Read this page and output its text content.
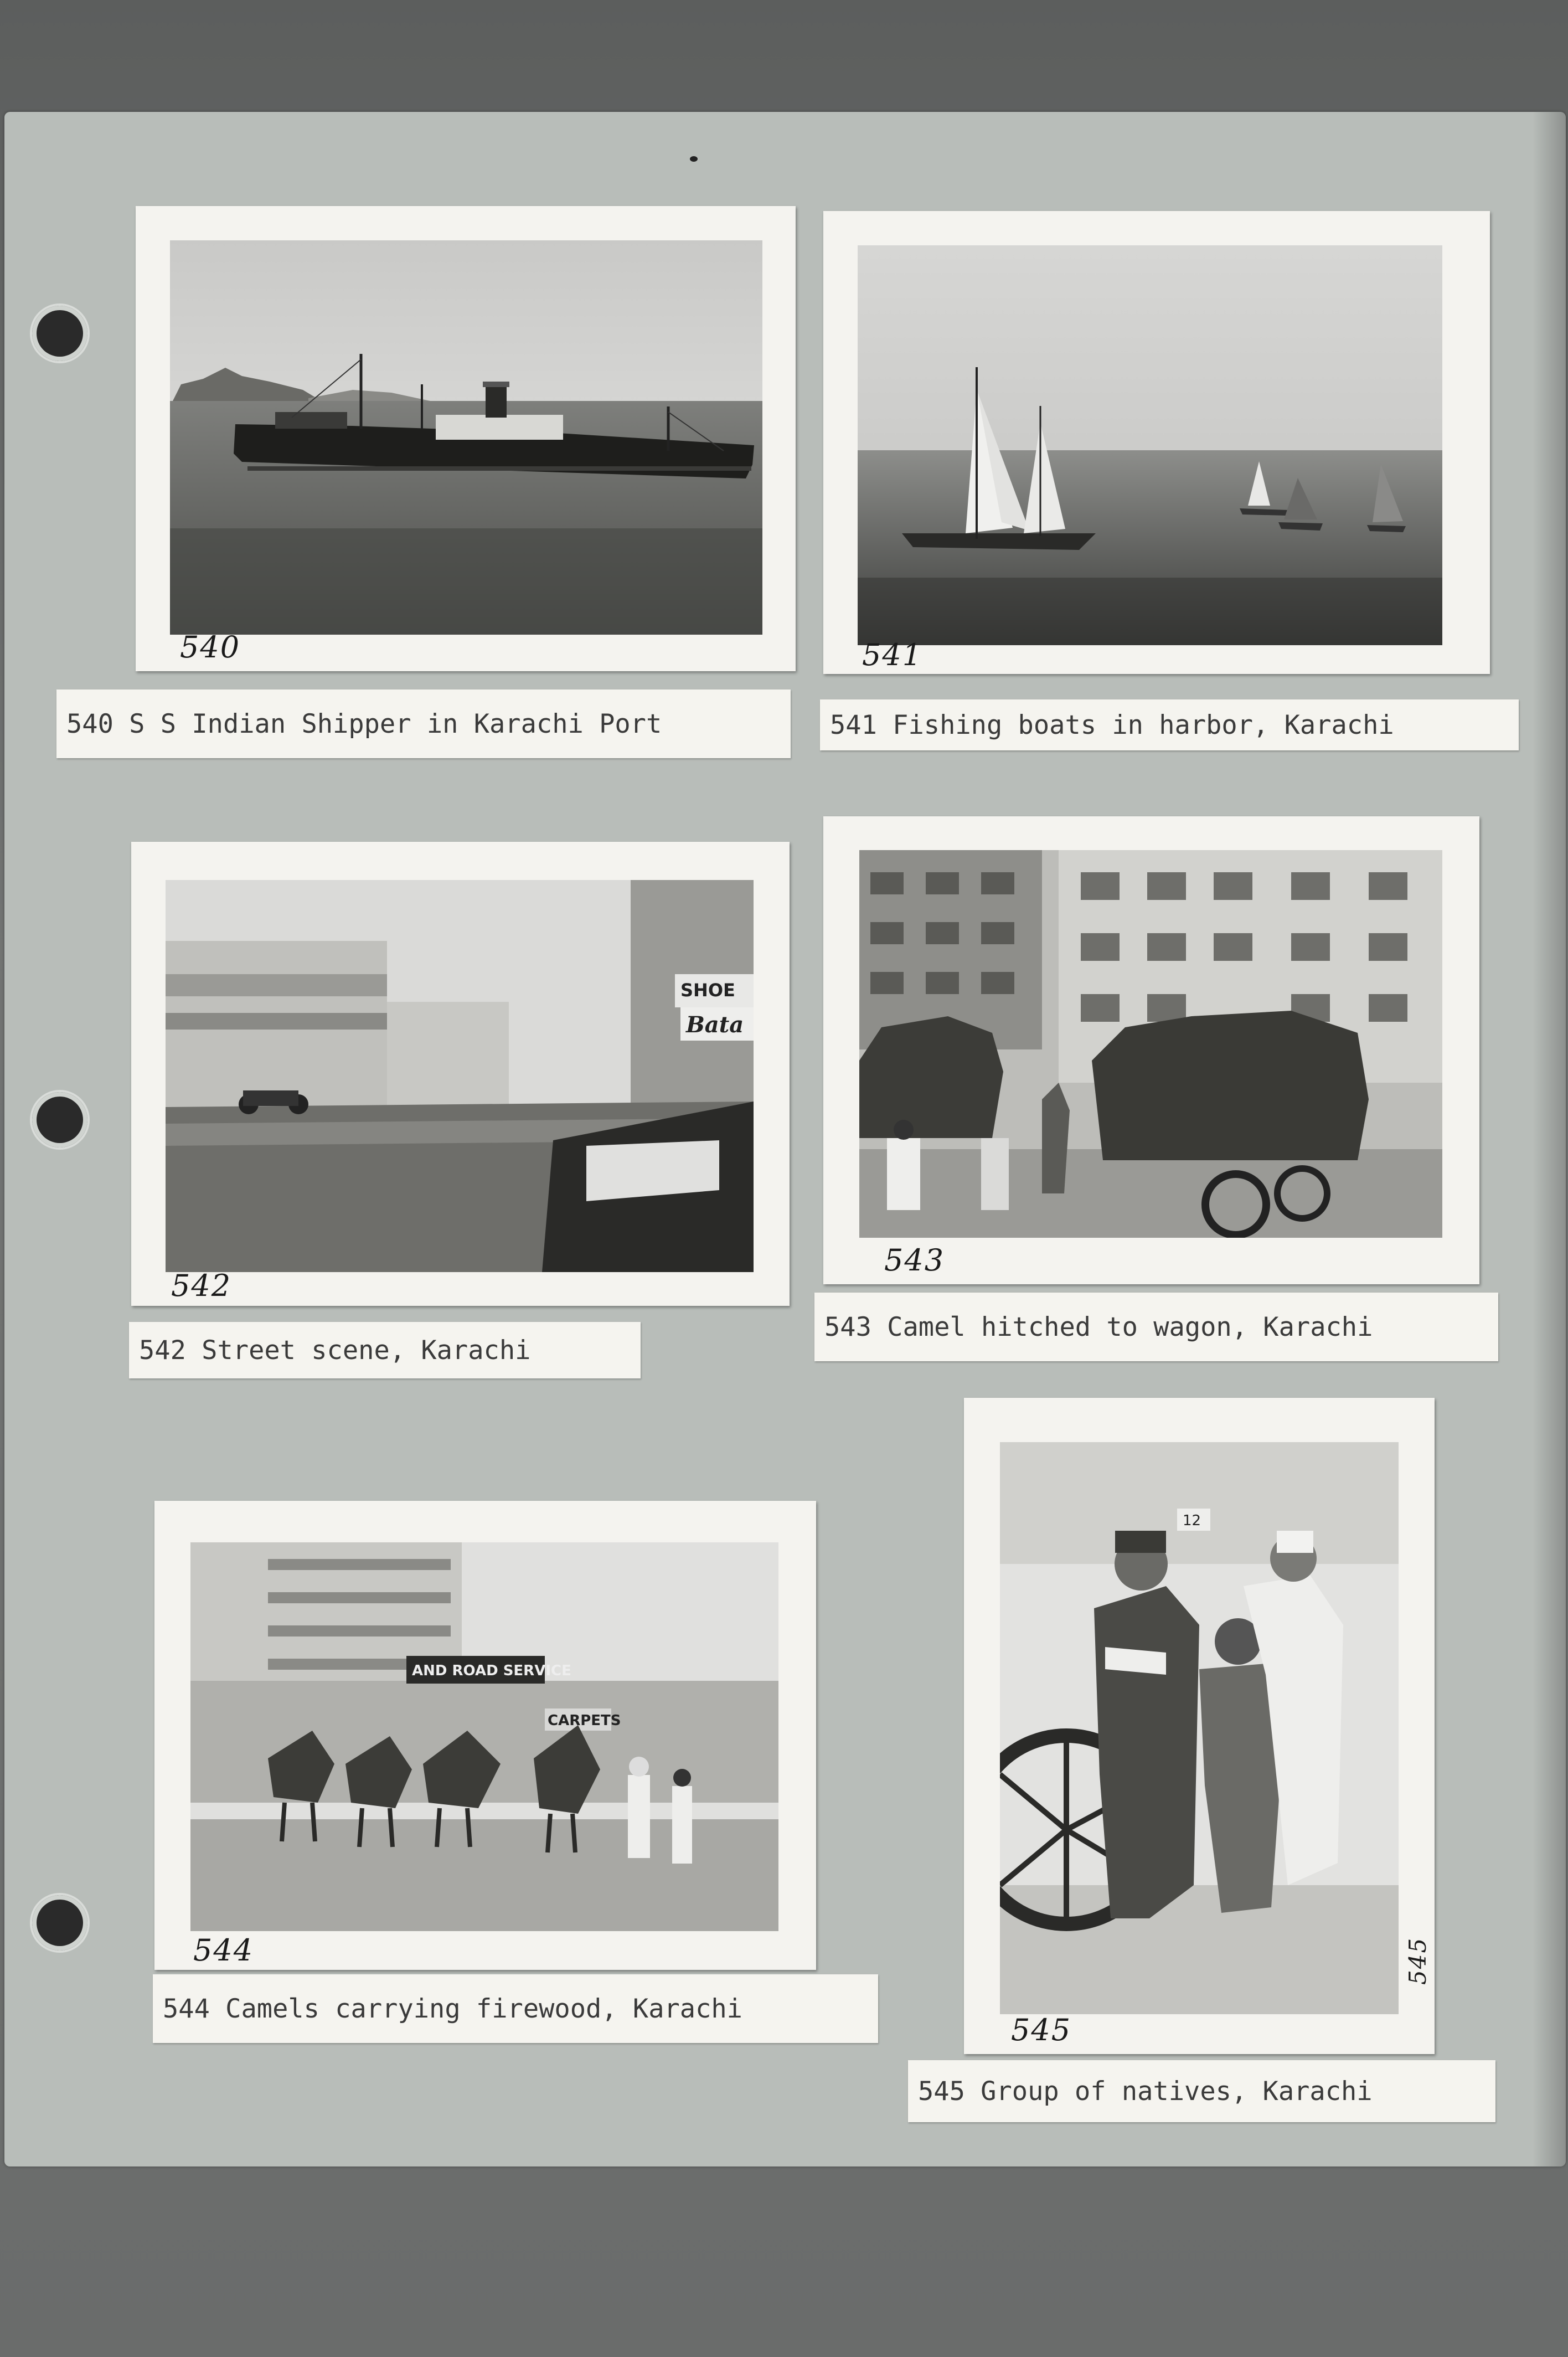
540
540 S S Indian Shipper in Karachi Port
541
541 Fishing boats in harbor, Karachi
SHOE
Bata
542
542 Street scene, Karachi
543
543 Camel hitched to wagon, Karachi
AND ROAD SERVICE
CARPETS
544
544 Camels carrying firewood, Karachi
12
545
545
545 Group of natives, Karachi
